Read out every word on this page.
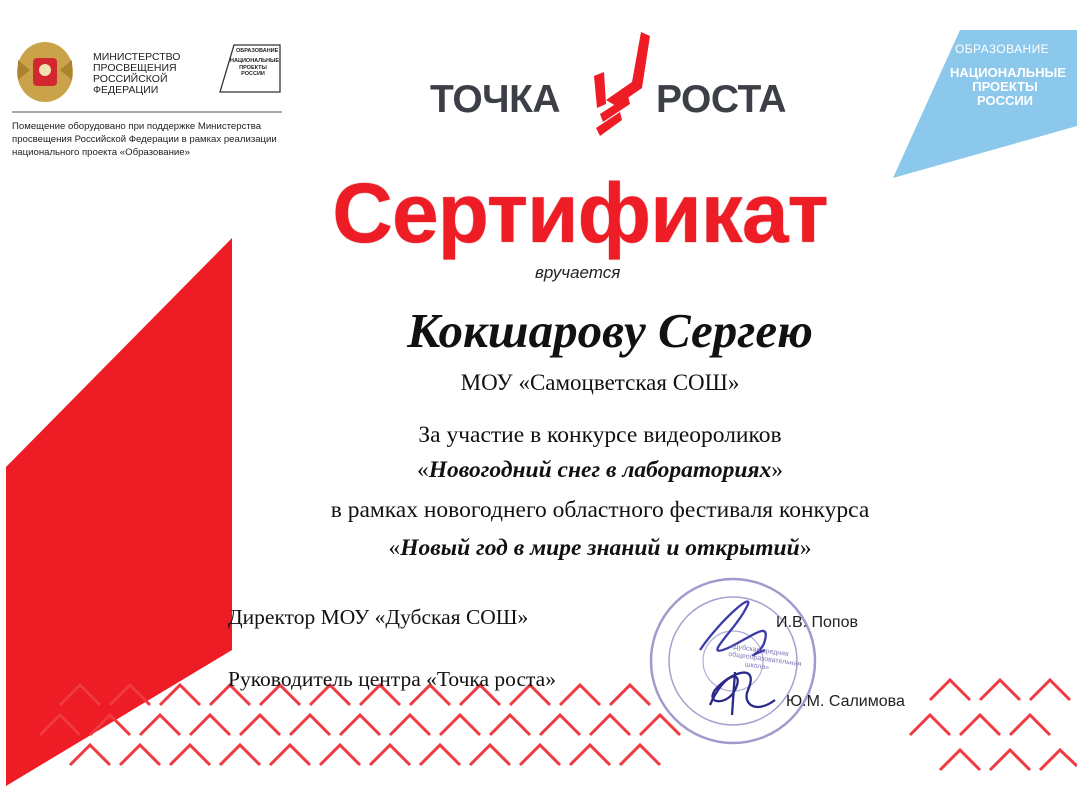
МИНИСТЕРСТВО ПРОСВЕЩЕНИЯ РОССИЙСКОЙ ФЕДЕРАЦИИ
Помещение оборудовано при поддержке Министерства просвещения Российской Федерации в рамках реализации национального проекта «Образование»
ОБРАЗОВАНИЕ
НАЦИОНАЛЬНЫЕ ПРОЕКТЫ РОССИИ
ТОЧКА РОСТА
ОБРАЗОВАНИЕ
НАЦИОНАЛЬНЫЕ ПРОЕКТЫ РОССИИ
Сертификат
вручается
Кокшарову Сергею
МОУ «Самоцветская СОШ»
За участие в конкурсе видеороликов
«Новогодний снег в лабораториях»
в рамках новогоднего областного фестиваля конкурса
«Новый год в мире знаний и открытий»
Директор МОУ «Дубская СОШ»	И.В. Попов
Руководитель центра «Точка роста»
Ю.М. Салимова
«Дубская средняя общеобразовательная школа»
